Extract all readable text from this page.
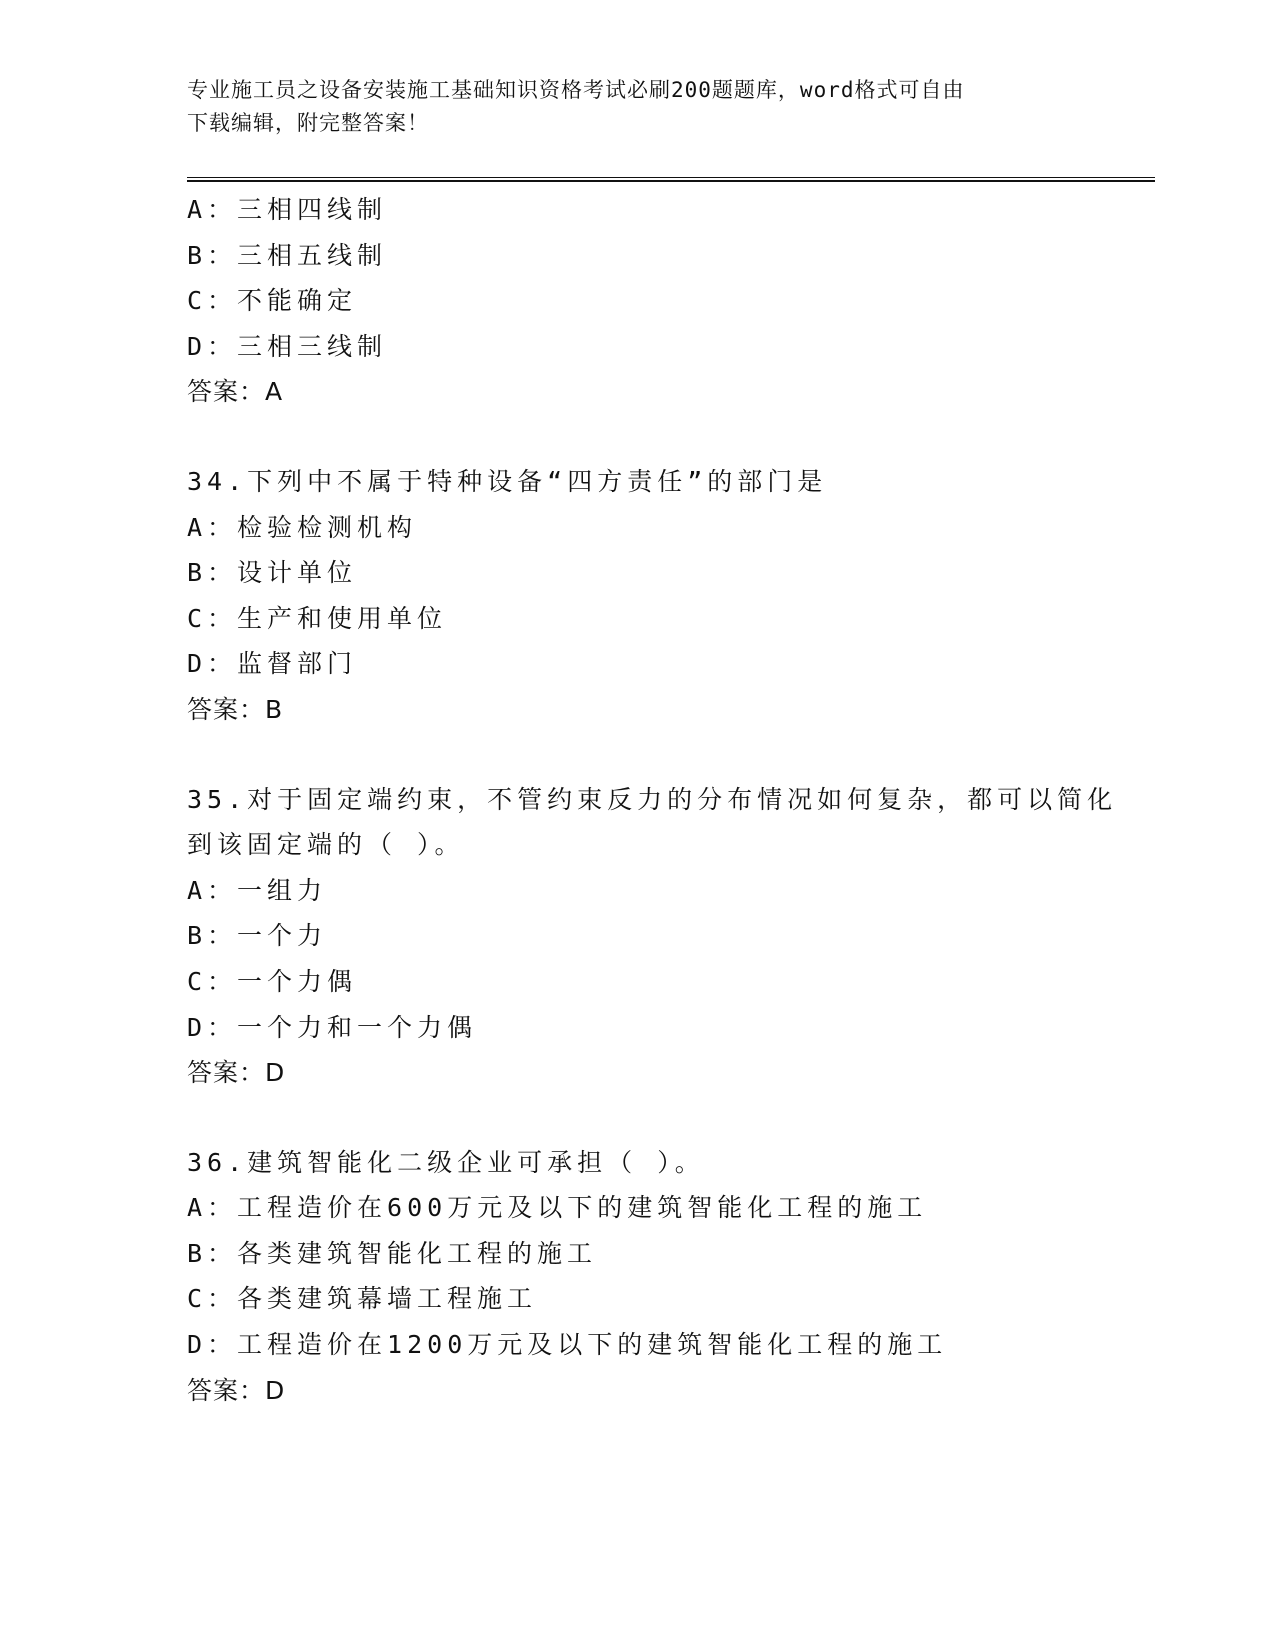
专业施工员之设备安装施工基础知识资格考试必刷200题题库，word格式可自由
下载编辑，附完整答案！
A：三相四线制
B：三相五线制
C：不能确定
D：三相三线制
答案：A
34.下列中不属于特种设备“四方责任”的部门是
A：检验检测机构
B：设计单位
C：生产和使用单位
D：监督部门
答案：B
35.对于固定端约束，不管约束反力的分布情况如何复杂，都可以简化
到该固定端的（ ）。
A：一组力
B：一个力
C：一个力偶
D：一个力和一个力偶
答案：D
36.建筑智能化二级企业可承担（ ）。
A：工程造价在600万元及以下的建筑智能化工程的施工
B：各类建筑智能化工程的施工
C：各类建筑幕墙工程施工
D：工程造价在1200万元及以下的建筑智能化工程的施工
答案：D
